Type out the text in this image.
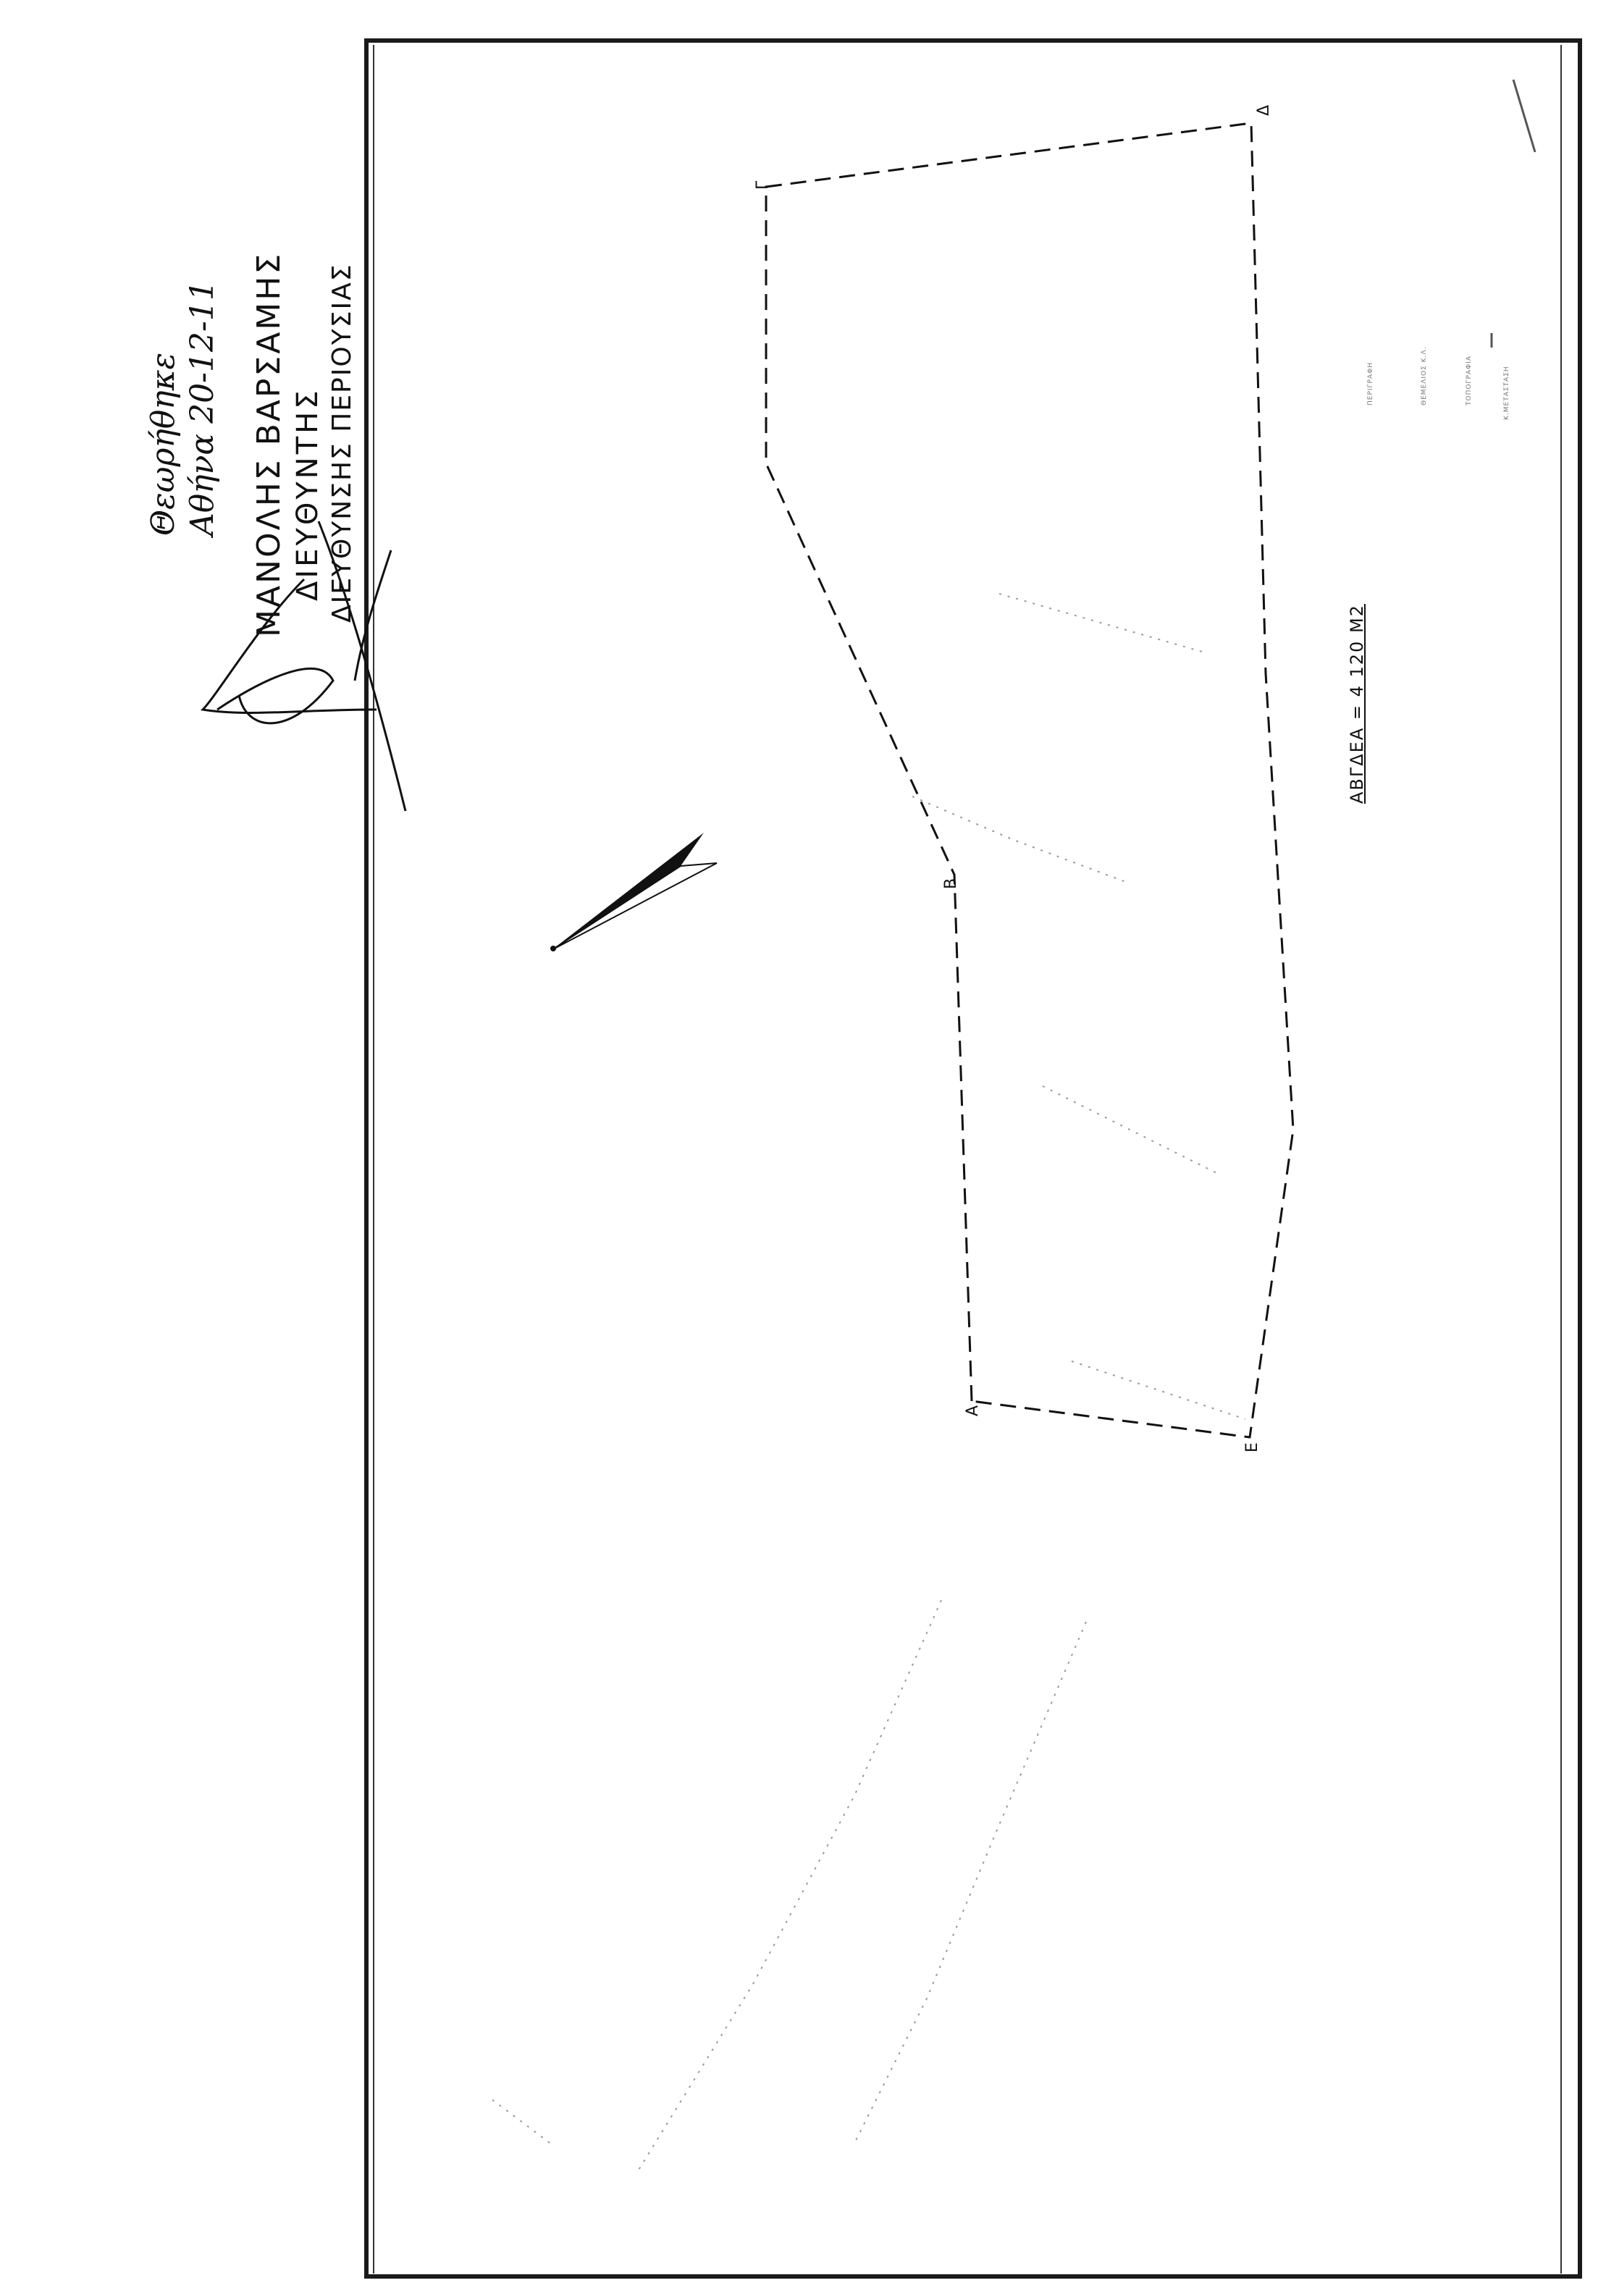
A
B
Γ
Δ
E
Θεωρήθηκε Αθήνα 20-12-11 ΜΑΝΟΛΗΣ ΒΑΡΣΑΜΗΣ ΔΙΕΥΘΥΝΤΗΣ ΔΙΕΥΘΥΝΣΗΣ ΠΕΡΙΟΥΣΙΑΣ
ΑΒΓΔΕΑ = 4 120 Μ2
ΠΕΡΙΓΡΑΦΗ	ΘΕΜΕΛΙΟΣ Κ.Λ.	ΤΟΠΟΓΡΑΦΙΑ	Κ.ΜΕΤΑΣΤΑΣΗ
